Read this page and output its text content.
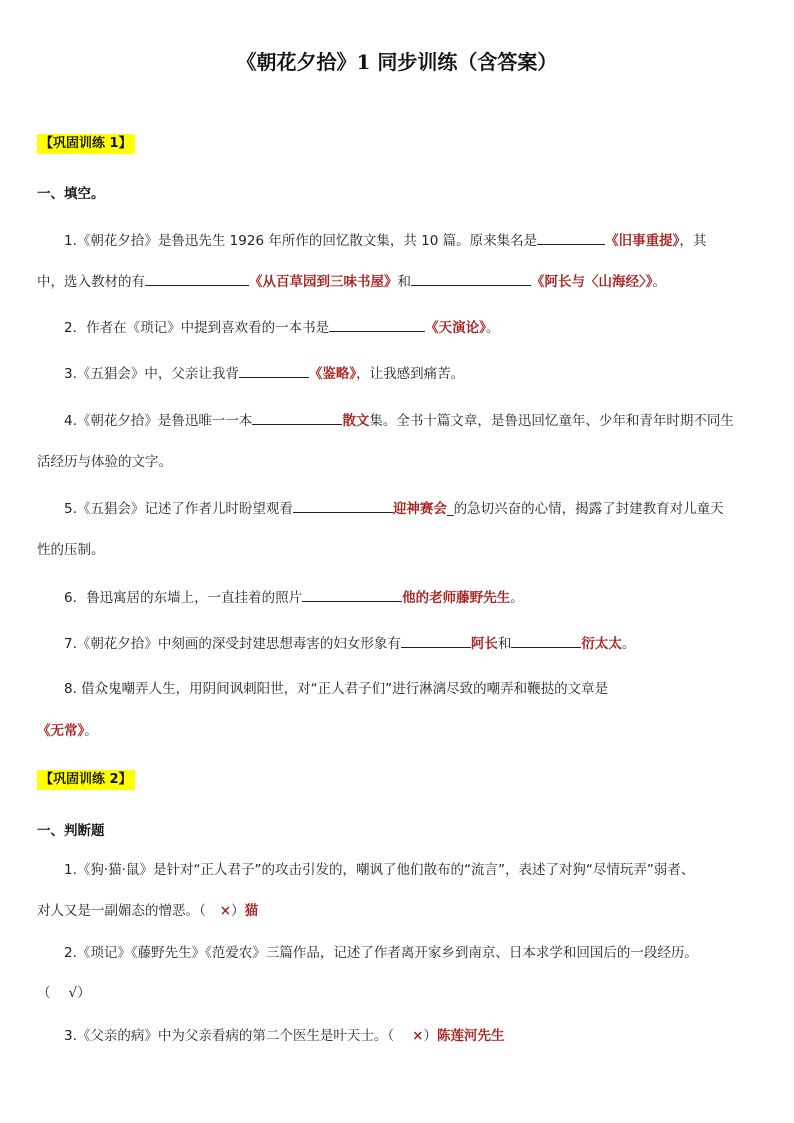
《朝花夕拾》1 同步训练（含答案）
【巩固训练 1】
一、填空。
1.《朝花夕拾》是鲁迅先生 1926 年所作的回忆散文集，共 10 篇。原来集名是	《旧事重提》，其
中，选入教材的有	《从百草园到三味书屋》和	《阿长与〈山海经〉》。
2．作者在《琐记》中提到喜欢看的一本书是	《天演论》。
3.《五猖会》中，父亲让我背	《鉴略》，让我感到痛苦。
4.《朝花夕拾》是鲁迅唯一一本	散文集。全书十篇文章，是鲁迅回忆童年、少年和青年时期不同生
活经历与体验的文字。
5.《五猖会》记述了作者儿时盼望观看	迎神赛会_的急切兴奋的心情，揭露了封建教育对儿童天
性的压制。
6．鲁迅寓居的东墙上，一直挂着的照片	他的老师藤野先生。
7.《朝花夕拾》中刻画的深受封建思想毒害的妇女形象有	阿长和	衍太太。
8. 借众鬼嘲弄人生，用阴间讽刺阳世，对“正人君子们”进行淋漓尽致的嘲弄和鞭挞的文章是
《无常》。
【巩固训练 2】
一、判断题
1.《狗·猫·鼠》是针对“正人君子”的攻击引发的，嘲讽了他们散布的“流言”，表述了对狗“尽情玩弄”弱者、
对人又是一副媚态的憎恶。（ ×）猫
2.《琐记》《藤野先生》《范爱农》三篇作品，记述了作者离开家乡到南京、日本求学和回国后的一段经历。
（ √）
3.《父亲的病》中为父亲看病的第二个医生是叶天士。（ ×）陈莲河先生
